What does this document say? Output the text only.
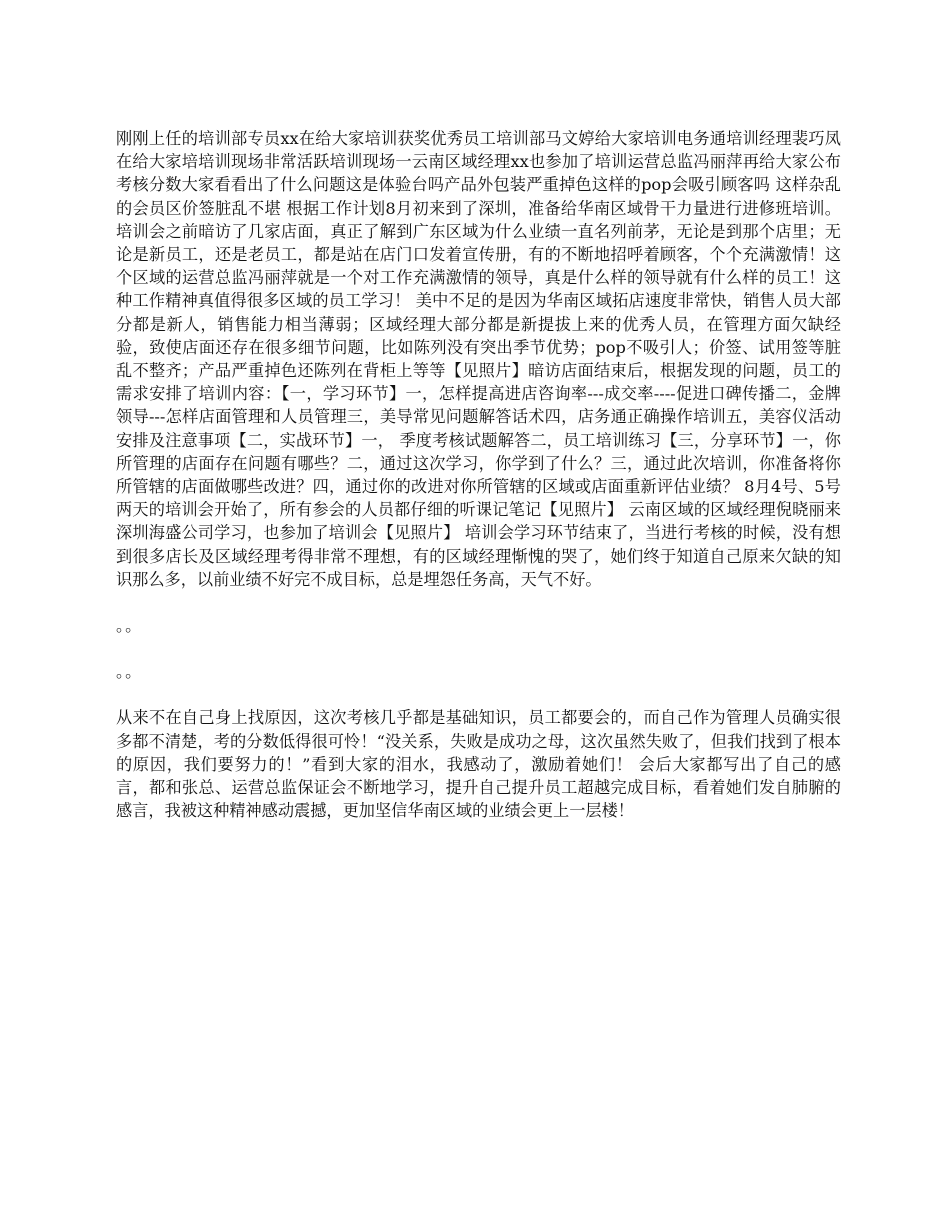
刚刚上任的培训部专员xx在给大家培训获奖优秀员工培训部马文婷给大家培训电务通培训经理裴巧凤在给大家培培训现场非常活跃培训现场一云南区域经理xx也参加了培训运营总监冯丽萍再给大家公布考核分数大家看看出了什么问题这是体验台吗产品外包装严重掉色这样的pop会吸引顾客吗 这样杂乱的会员区价签脏乱不堪 根据工作计划8月初来到了深圳，准备给华南区域骨干力量进行进修班培训。 培训会之前暗访了几家店面，真正了解到广东区域为什么业绩一直名列前茅，无论是到那个店里；无论是新员工，还是老员工，都是站在店门口发着宣传册，有的不断地招呼着顾客，个个充满激情！这个区域的运营总监冯丽萍就是一个对工作充满激情的领导，真是什么样的领导就有什么样的员工！这种工作精神真值得很多区域的员工学习！ 美中不足的是因为华南区域拓店速度非常快，销售人员大部分都是新人，销售能力相当薄弱；区域经理大部分都是新提拔上来的优秀人员，在管理方面欠缺经验，致使店面还存在很多细节问题，比如陈列没有突出季节优势；pop不吸引人；价签、试用签等脏乱不整齐；产品严重掉色还陈列在背柜上等等【见照片】暗访店面结束后，根据发现的问题，员工的需求安排了培训内容：【一，学习环节】一，怎样提高进店咨询率---成交率----促进口碑传播二，金牌领导---怎样店面管理和人员管理三，美导常见问题解答话术四，店务通正确操作培训五，美容仪活动安排及注意事项【二，实战环节】一， 季度考核试题解答二，员工培训练习【三，分享环节】一，你所管理的店面存在问题有哪些？二，通过这次学习，你学到了什么？三，通过此次培训，你准备将你所管辖的店面做哪些改进？四，通过你的改进对你所管辖的区域或店面重新评估业绩？ 8月4号、5号两天的培训会开始了，所有参会的人员都仔细的听课记笔记【见照片】 云南区域的区域经理倪晓丽来深圳海盛公司学习，也参加了培训会【见照片】 培训会学习环节结束了，当进行考核的时候，没有想到很多店长及区域经理考得非常不理想，有的区域经理惭愧的哭了，她们终于知道自己原来欠缺的知识那么多，以前业绩不好完不成目标，总是埋怨任务高，天气不好。

。。

。。

从来不在自己身上找原因，这次考核几乎都是基础知识，员工都要会的，而自己作为管理人员确实很多都不清楚，考的分数低得很可怜！“没关系，失败是成功之母，这次虽然失败了，但我们找到了根本的原因，我们要努力的！”看到大家的泪水，我感动了，激励着她们！ 会后大家都写出了自己的感言，都和张总、运营总监保证会不断地学习，提升自己提升员工超越完成目标，看着她们发自肺腑的感言，我被这种精神感动震撼，更加坚信华南区域的业绩会更上一层楼！
